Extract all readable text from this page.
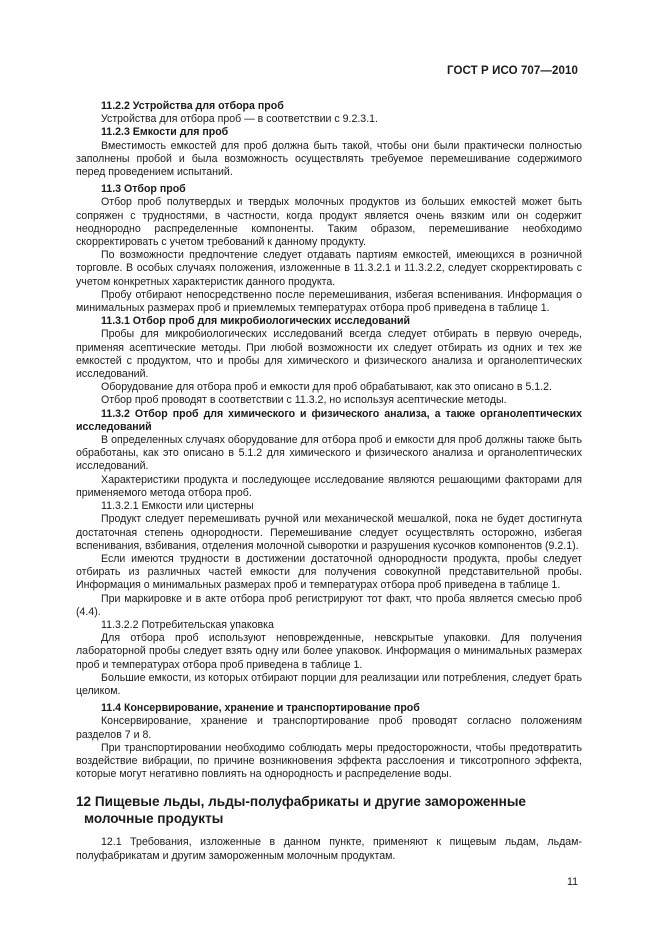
ГОСТ Р ИСО 707—2010

11.2.2 Устройства для отбора проб

Устройства для отбора проб — в соответствии с 9.2.3.1.

11.2.3 Емкости для проб

Вместимость емкостей для проб должна быть такой, чтобы они были практически полностью заполнены пробой и была возможность осуществлять требуемое перемешивание содержимого перед проведением испытаний.

11.3 Отбор проб

Отбор проб полутвердых и твердых молочных продуктов из больших емкостей может быть сопряжен с трудностями, в частности, когда продукт является очень вязким или он содержит неоднородно распределенные компоненты. Таким образом, перемешивание необходимо скорректировать с учетом требований к данному продукту.

По возможности предпочтение следует отдавать партиям емкостей, имеющихся в розничной торговле. В особых случаях положения, изложенные в 11.3.2.1 и 11.3.2.2, следует скорректировать с учетом конкретных характеристик данного продукта.

Пробу отбирают непосредственно после перемешивания, избегая вспенивания. Информация о минимальных размерах проб и приемлемых температурах отбора проб приведена в таблице 1.

11.3.1 Отбор проб для микробиологических исследований

Пробы для микробиологических исследований всегда следует отбирать в первую очередь, применяя асептические методы. При любой возможности их следует отбирать из одних и тех же емкостей с продуктом, что и пробы для химического и физического анализа и органолептических исследований.

Оборудование для отбора проб и емкости для проб обрабатывают, как это описано в 5.1.2.

Отбор проб проводят в соответствии с 11.3.2, но используя асептические методы.

11.3.2 Отбор проб для химического и физического анализа, а также органолептических исследований

В определенных случаях оборудование для отбора проб и емкости для проб должны также быть обработаны, как это описано в 5.1.2 для химического и физического анализа и органолептических исследований.

Характеристики продукта и последующее исследование являются решающими факторами для применяемого метода отбора проб.

11.3.2.1 Емкости или цистерны

Продукт следует перемешивать ручной или механической мешалкой, пока не будет достигнута достаточная степень однородности. Перемешивание следует осуществлять осторожно, избегая вспенивания, взбивания, отделения молочной сыворотки и разрушения кусочков компонентов (9.2.1).

Если имеются трудности в достижении достаточной однородности продукта, пробы следует отбирать из различных частей емкости для получения совокупной представительной пробы. Информация о минимальных размерах проб и температурах отбора проб приведена в таблице 1.

При маркировке и в акте отбора проб регистрируют тот факт, что проба является смесью проб (4.4).

11.3.2.2 Потребительская упаковка

Для отбора проб используют неповрежденные, невскрытые упаковки. Для получения лабораторной пробы следует взять одну или более упаковок. Информация о минимальных размерах проб и температурах отбора проб приведена в таблице 1.

Большие емкости, из которых отбирают порции для реализации или потребления, следует брать целиком.

11.4 Консервирование, хранение и транспортирование проб

Консервирование, хранение и транспортирование проб проводят согласно положениям разделов 7 и 8.

При транспортировании необходимо соблюдать меры предосторожности, чтобы предотвратить воздействие вибрации, по причине возникновения эффекта расслоения и тиксотропного эффекта, которые могут негативно повлиять на однородность и распределение воды.

12 Пищевые льды, льды-полуфабрикаты и другие замороженные молочные продукты

12.1 Требования, изложенные в данном пункте, применяют к пищевым льдам, льдам-полуфабрикатам и другим замороженным молочным продуктам.

11
